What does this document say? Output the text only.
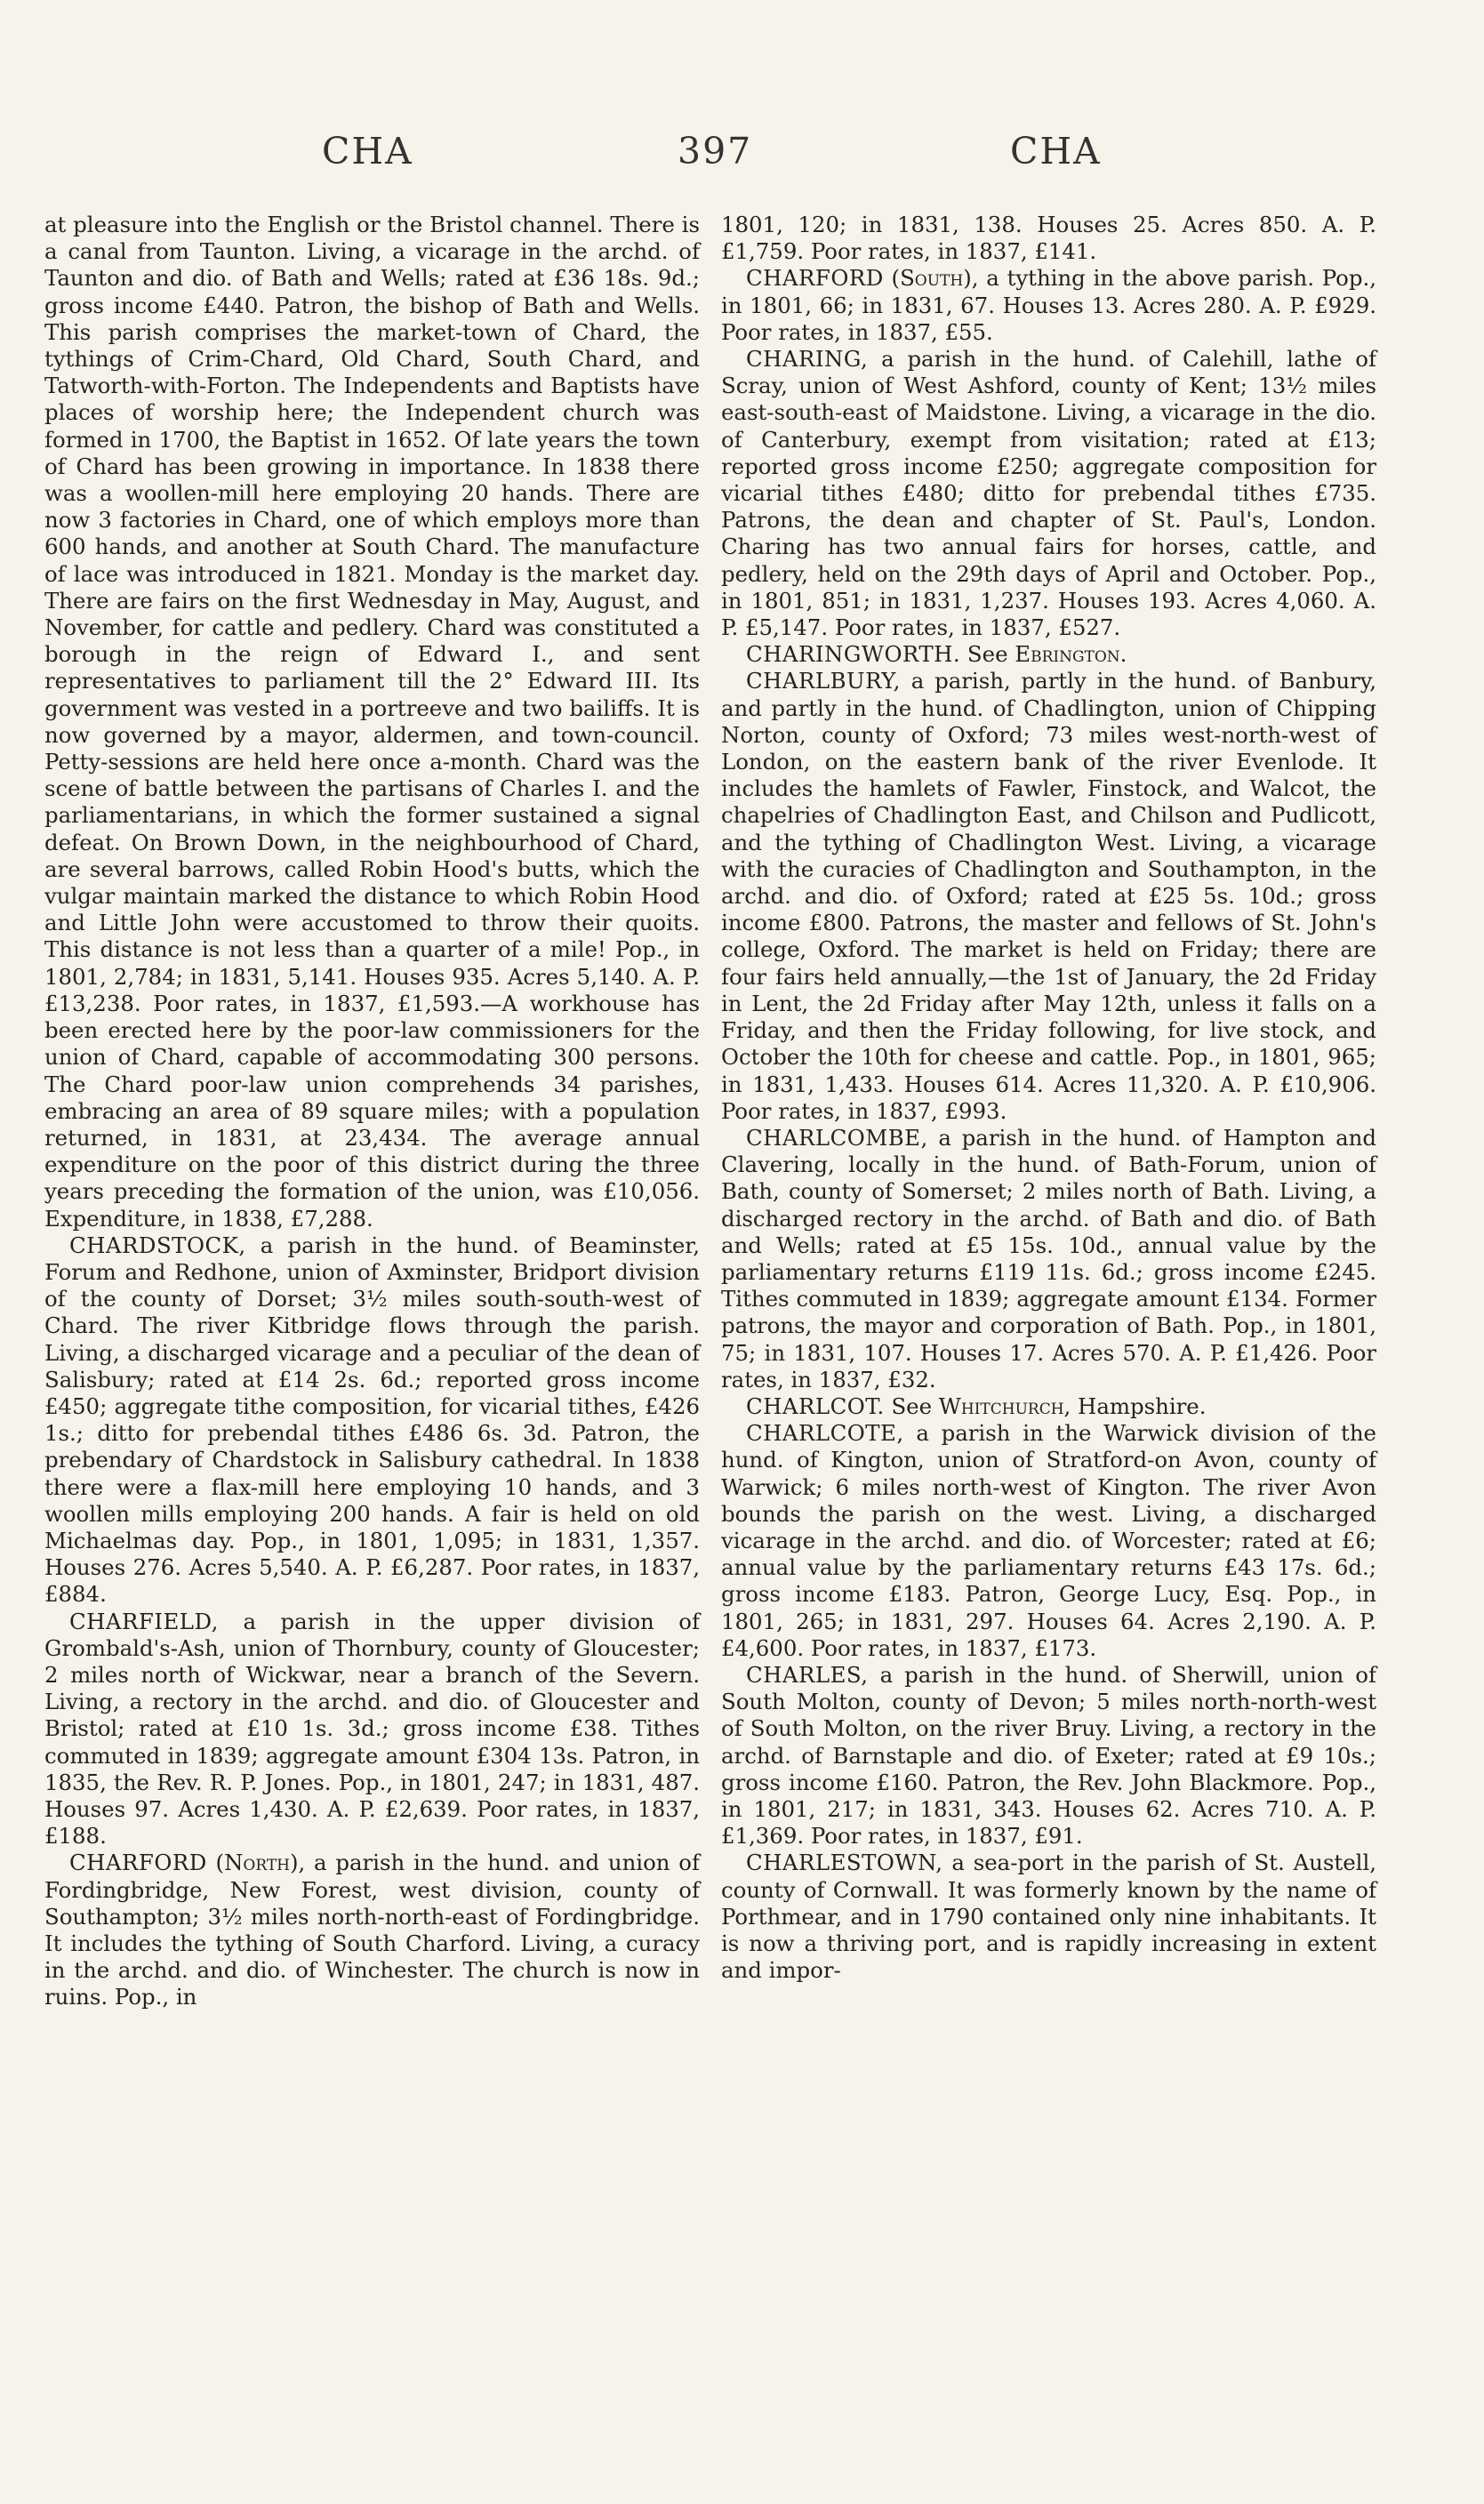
CHA	397	CHA

at pleasure into the English or the Bristol channel. There is a canal from Taunton. Living, a vicarage in the archd. of Taunton and dio. of Bath and Wells; rated at £36 18s. 9d.; gross income £440. Patron, the bishop of Bath and Wells. This parish comprises the market-town of Chard, the tythings of Crim-Chard, Old Chard, South Chard, and Tatworth-with-Forton. The Independents and Baptists have places of worship here; the Independent church was formed in 1700, the Baptist in 1652. Of late years the town of Chard has been growing in importance. In 1838 there was a woollen-mill here employing 20 hands. There are now 3 factories in Chard, one of which employs more than 600 hands, and another at South Chard. The manufacture of lace was introduced in 1821. Monday is the market day. There are fairs on the first Wednesday in May, August, and November, for cattle and pedlery. Chard was constituted a borough in the reign of Edward I., and sent representatives to parliament till the 2° Edward III. Its government was vested in a portreeve and two bailiffs. It is now governed by a mayor, aldermen, and town-council. Petty-sessions are held here once a-month. Chard was the scene of battle between the partisans of Charles I. and the parliamentarians, in which the former sustained a signal defeat. On Brown Down, in the neighbourhood of Chard, are several barrows, called Robin Hood's butts, which the vulgar maintain marked the distance to which Robin Hood and Little John were accustomed to throw their quoits. This distance is not less than a quarter of a mile! Pop., in 1801, 2,784; in 1831, 5,141. Houses 935. Acres 5,140. A. P. £13,238. Poor rates, in 1837, £1,593.—A workhouse has been erected here by the poor-law commissioners for the union of Chard, capable of accommodating 300 persons. The Chard poor-law union comprehends 34 parishes, embracing an area of 89 square miles; with a population returned, in 1831, at 23,434. The average annual expenditure on the poor of this district during the three years preceding the formation of the union, was £10,056. Expenditure, in 1838, £7,288.

CHARDSTOCK, a parish in the hund. of Beaminster, Forum and Redhone, union of Axminster, Bridport division of the county of Dorset; 3½ miles south-south-west of Chard. The river Kitbridge flows through the parish. Living, a discharged vicarage and a peculiar of the dean of Salisbury; rated at £14 2s. 6d.; reported gross income £450; aggregate tithe composition, for vicarial tithes, £426 1s.; ditto for prebendal tithes £486 6s. 3d. Patron, the prebendary of Chardstock in Salisbury cathedral. In 1838 there were a flax-mill here employing 10 hands, and 3 woollen mills employing 200 hands. A fair is held on old Michaelmas day. Pop., in 1801, 1,095; in 1831, 1,357. Houses 276. Acres 5,540. A. P. £6,287. Poor rates, in 1837, £884.

CHARFIELD, a parish in the upper division of Grombald's-Ash, union of Thornbury, county of Gloucester; 2 miles north of Wickwar, near a branch of the Severn. Living, a rectory in the archd. and dio. of Gloucester and Bristol; rated at £10 1s. 3d.; gross income £38. Tithes commuted in 1839; aggregate amount £304 13s. Patron, in 1835, the Rev. R. P. Jones. Pop., in 1801, 247; in 1831, 487. Houses 97. Acres 1,430. A. P. £2,639. Poor rates, in 1837, £188.

CHARFORD (North), a parish in the hund. and union of Fordingbridge, New Forest, west division, county of Southampton; 3½ miles north-north-east of Fordingbridge. It includes the tything of South Charford. Living, a curacy in the archd. and dio. of Winchester. The church is now in ruins. Pop., in

1801, 120; in 1831, 138. Houses 25. Acres 850. A. P. £1,759. Poor rates, in 1837, £141.

CHARFORD (South), a tything in the above parish. Pop., in 1801, 66; in 1831, 67. Houses 13. Acres 280. A. P. £929. Poor rates, in 1837, £55.

CHARING, a parish in the hund. of Calehill, lathe of Scray, union of West Ashford, county of Kent; 13½ miles east-south-east of Maidstone. Living, a vicarage in the dio. of Canterbury, exempt from visitation; rated at £13; reported gross income £250; aggregate composition for vicarial tithes £480; ditto for prebendal tithes £735. Patrons, the dean and chapter of St. Paul's, London. Charing has two annual fairs for horses, cattle, and pedlery, held on the 29th days of April and October. Pop., in 1801, 851; in 1831, 1,237. Houses 193. Acres 4,060. A. P. £5,147. Poor rates, in 1837, £527.

CHARINGWORTH. See Ebrington.

CHARLBURY, a parish, partly in the hund. of Banbury, and partly in the hund. of Chadlington, union of Chipping Norton, county of Oxford; 73 miles west-north-west of London, on the eastern bank of the river Evenlode. It includes the hamlets of Fawler, Finstock, and Walcot, the chapelries of Chadlington East, and Chilson and Pudlicott, and the tything of Chadlington West. Living, a vicarage with the curacies of Chadlington and Southampton, in the archd. and dio. of Oxford; rated at £25 5s. 10d.; gross income £800. Patrons, the master and fellows of St. John's college, Oxford. The market is held on Friday; there are four fairs held annually,—the 1st of January, the 2d Friday in Lent, the 2d Friday after May 12th, unless it falls on a Friday, and then the Friday following, for live stock, and October the 10th for cheese and cattle. Pop., in 1801, 965; in 1831, 1,433. Houses 614. Acres 11,320. A. P. £10,906. Poor rates, in 1837, £993.

CHARLCOMBE, a parish in the hund. of Hampton and Clavering, locally in the hund. of Bath-Forum, union of Bath, county of Somerset; 2 miles north of Bath. Living, a discharged rectory in the archd. of Bath and dio. of Bath and Wells; rated at £5 15s. 10d., annual value by the parliamentary returns £119 11s. 6d.; gross income £245. Tithes commuted in 1839; aggregate amount £134. Former patrons, the mayor and corporation of Bath. Pop., in 1801, 75; in 1831, 107. Houses 17. Acres 570. A. P. £1,426. Poor rates, in 1837, £32.

CHARLCOT. See Whitchurch, Hampshire.

CHARLCOTE, a parish in the Warwick division of the hund. of Kington, union of Stratford-on Avon, county of Warwick; 6 miles north-west of Kington. The river Avon bounds the parish on the west. Living, a discharged vicarage in the archd. and dio. of Worcester; rated at £6; annual value by the parliamentary returns £43 17s. 6d.; gross income £183. Patron, George Lucy, Esq. Pop., in 1801, 265; in 1831, 297. Houses 64. Acres 2,190. A. P. £4,600. Poor rates, in 1837, £173.

CHARLES, a parish in the hund. of Sherwill, union of South Molton, county of Devon; 5 miles north-north-west of South Molton, on the river Bruy. Living, a rectory in the archd. of Barnstaple and dio. of Exeter; rated at £9 10s.; gross income £160. Patron, the Rev. John Blackmore. Pop., in 1801, 217; in 1831, 343. Houses 62. Acres 710. A. P. £1,369. Poor rates, in 1837, £91.

CHARLESTOWN, a sea-port in the parish of St. Austell, county of Cornwall. It was formerly known by the name of Porthmear, and in 1790 contained only nine inhabitants. It is now a thriving port, and is rapidly increasing in extent and impor-
